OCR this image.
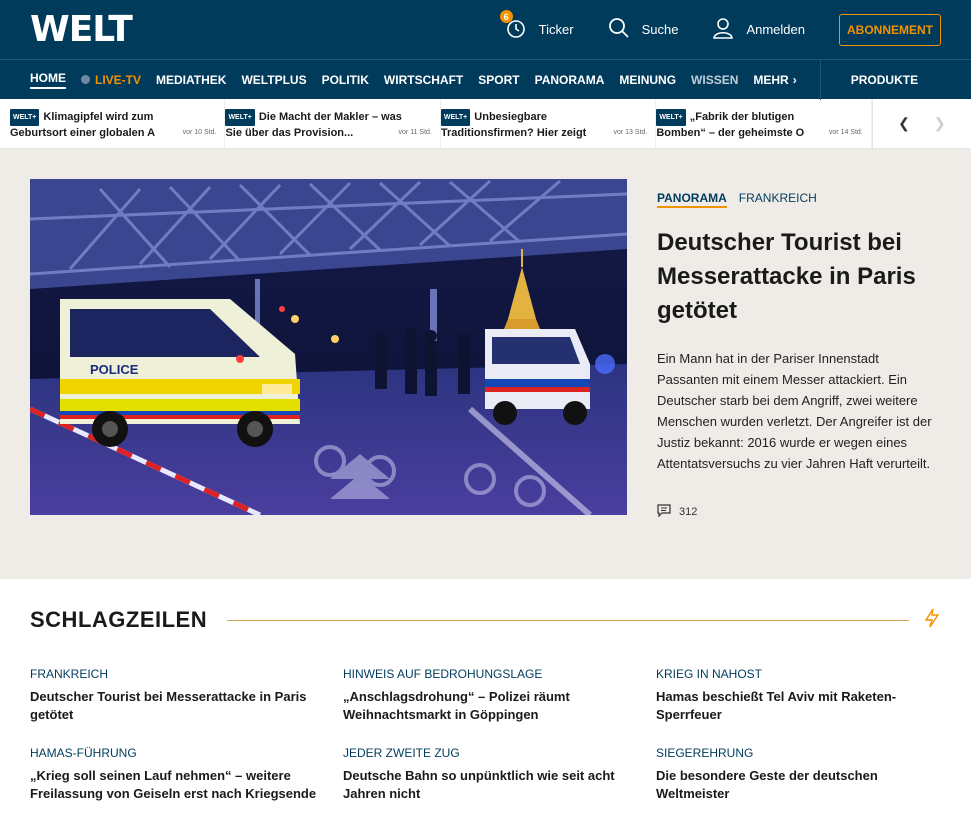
WELT	6
Ticker	Suche	Anmelden	ABONNEMENT
HOME LIVE-TV MEDIATHEK WELTPLUS POLITIK WIRTSCHAFT SPORT PANORAMA MEINUNG WISSEN MEHR ›	PRODUKTE
WELT+ Klimagipfel wird zum
Geburtsort einer globalen A	vor 10 Std.
WELT+ Die Macht der Makler – was
Sie über das Provision...	vor 11 Std.
WELT+ Unbesiegbare
Traditionsfirmen? Hier zeigt	vor 13 Std.
WELT+ „Fabrik der blutigen
Bomben“ – der geheimste O	vor 14 Std.
❮ ❯
POLICE
PANORAMA FRANKREICH
Deutscher Tourist bei Messerattacke in Paris getötet
Ein Mann hat in der Pariser Innenstadt Passanten mit einem Messer attackiert. Ein Deutscher starb bei dem Angriff, zwei weitere Menschen wurden verletzt. Der Angreifer ist der Justiz bekannt: 2016 wurde er wegen eines Attentatsversuchs zu vier Jahren Haft verurteilt.
312
SCHLAGZEILEN
FRANKREICH
Deutscher Tourist bei Messerattacke in Paris getötet
HINWEIS AUF BEDROHUNGSLAGE
„Anschlagsdrohung“ – Polizei räumt Weihnachtsmarkt in Göppingen
KRIEG IN NAHOST
Hamas beschießt Tel Aviv mit Raketen-Sperrfeuer
HAMAS-FÜHRUNG
„Krieg soll seinen Lauf nehmen“ – weitere Freilassung von Geiseln erst nach Kriegsende
JEDER ZWEITE ZUG
Deutsche Bahn so unpünktlich wie seit acht Jahren nicht
SIEGEREHRUNG
Die besondere Geste der deutschen Weltmeister
